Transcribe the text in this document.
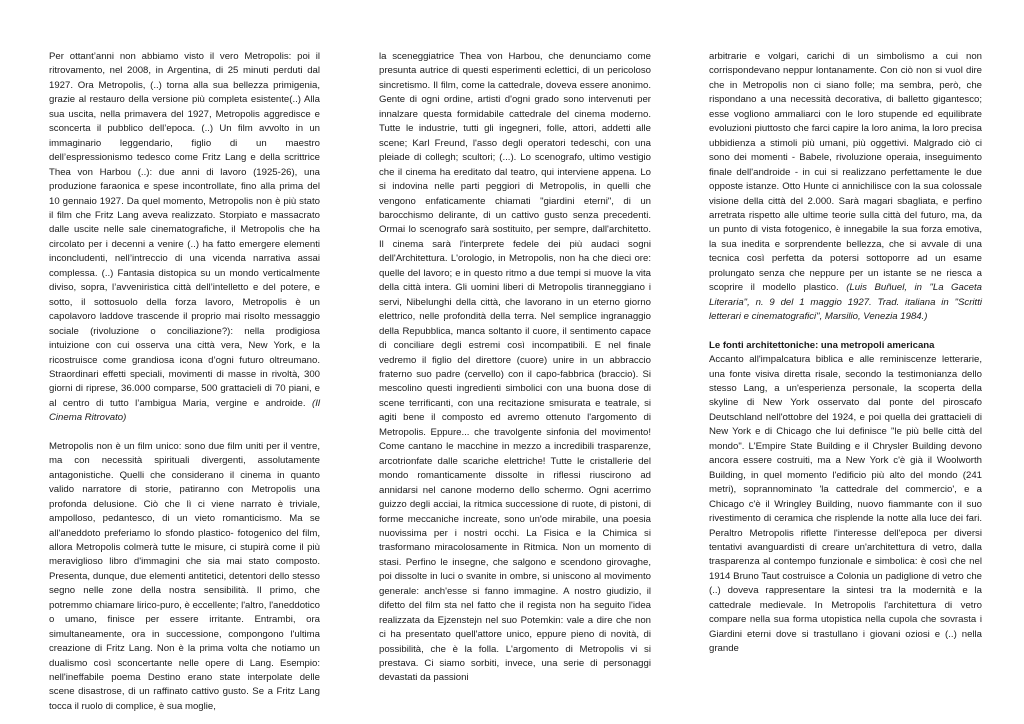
Per ottant’anni non abbiamo visto il vero Metropolis: poi il ritrovamento, nel 2008, in Argentina, di 25 minuti perduti dal 1927. Ora Metropolis, (..) torna alla sua bellezza primigenia, grazie al restauro della versione più completa esistente(..) Alla sua uscita, nella primavera del 1927, Metropolis aggredisce e sconcerta il pubblico dell’epoca. (..) Un film avvolto in un immaginario leggendario, figlio di un maestro dell’espressionismo tedesco come Fritz Lang e della scrittrice Thea von Harbou (..): due anni di lavoro (1925-26), una produzione faraonica e spese incontrollate, fino alla prima del 10 gennaio 1927. Da quel momento, Metropolis non è più stato il film che Fritz Lang aveva realizzato. Storpiato e massacrato dalle uscite nelle sale cinematografiche, il Metropolis che ha circolato per i decenni a venire (..) ha fatto emergere elementi inconcludenti, nell’intreccio di una vicenda narrativa assai complessa. (..) Fantasia distopica su un mondo verticalmente diviso, sopra, l’avveniristica città dell’intelletto e del potere, e sotto, il sottosuolo della forza lavoro, Metropolis è un capolavoro laddove trascende il proprio mai risolto messaggio sociale (rivoluzione o conciliazione?): nella prodigiosa intuizione con cui osserva una città vera, New York, e la ricostruisce come grandiosa icona d’ogni futuro oltreumano. Straordinari effetti speciali, movimenti di masse in rivoltà, 300 giorni di riprese, 36.000 comparse, 500 grattacieli di 70 piani, e al centro di tutto l’ambigua Maria, vergine e androide. (Il Cinema Ritrovato)

Metropolis non è un film unico: sono due film uniti per il ventre, ma con necessità spirituali divergenti, assolutamente antagonistiche. Quelli che considerano il cinema in quanto valido narratore di storie, patiranno con Metropolis una profonda delusione. Ciò che lì ci viene narrato è triviale, ampolloso, pedantesco, di un vieto romanticismo. Ma se all'aneddoto preferiamo lo sfondo plastico- fotogenico del film, allora Metropolis colmerà tutte le misure, ci stupirà come il più meraviglioso libro d'immagini che sia mai stato composto. Presenta, dunque, due elementi antitetici, detentori dello stesso segno nelle zone della nostra sensibilità. Il primo, che potremmo chiamare lirico-puro, è eccellente; l'altro, l'aneddotico o umano, finisce per essere irritante. Entrambi, ora simultaneamente, ora in successione, compongono l'ultima creazione di Fritz Lang. Non è la prima volta che notiamo un dualismo così sconcertante nelle opere di Lang. Esempio: nell'ineffabile poema Destino erano state interpolate delle scene disastrose, di un raffinato cattivo gusto. Se a Fritz Lang tocca il ruolo di complice, è sua moglie,

la sceneggiatrice Thea von Harbou, che denunciamo come presunta autrice di questi esperimenti eclettici, di un pericoloso sincretismo. Il film, come la cattedrale, doveva essere anonimo. Gente di ogni ordine, artisti d'ogni grado sono intervenuti per innalzare questa formidabile cattedrale del cinema moderno. Tutte le industrie, tutti gli ingegneri, folle, attori, addetti alle scene; Karl Freund, l'asso degli operatori tedeschi, con una pleiade di collegh; scultori; (...). Lo scenografo, ultimo vestigio che il cinema ha ereditato dal teatro, qui interviene appena. Lo si indovina nelle parti peggiori di Metropolis, in quelli che vengono enfaticamente chiamati "giardini eterni", di un barocchismo delirante, di un cattivo gusto senza precedenti. Ormai lo scenografo sarà sostituito, per sempre, dall'architetto. Il cinema sarà l'interprete fedele dei più audaci sogni dell'Architettura. L'orologio, in Metropolis, non ha che dieci ore: quelle del lavoro; e in questo ritmo a due tempi si muove la vita della città intera. Gli uomini liberi di Metropolis tiranneggiano i servi, Nibelunghi della città, che lavorano in un eterno giorno elettrico, nelle profondità della terra. Nel semplice ingranaggio della Repubblica, manca soltanto il cuore, il sentimento capace di conciliare degli estremi così incompatibili. E nel finale vedremo il figlio del direttore (cuore) unire in un abbraccio fraterno suo padre (cervello) con il capo-fabbrica (braccio). Si mescolino questi ingredienti simbolici con una buona dose di scene terrificanti, con una recitazione smisurata e teatrale, si agiti bene il composto ed avremo ottenuto l'argomento di Metropolis. Eppure... che travolgente sinfonia del movimento! Come cantano le macchine in mezzo a incredibili trasparenze, arcotrionfate dalle scariche elettriche! Tutte le cristallerie del mondo romanticamente dissolte in riflessi riuscirono ad annidarsi nel canone moderno dello schermo. Ogni acerrimo guizzo degli acciai, la ritmica successione di ruote, di pistoni, di forme meccaniche increate, sono un'ode mirabile, una poesia nuovissima per i nostri occhi. La Fisica e la Chimica si trasformano miracolosamente in Ritmica. Non un momento di stasi. Perfino le insegne, che salgono e scendono girovaghe, poi dissolte in luci o svanite in ombre, si uniscono al movimento generale: anch'esse si fanno immagine. A nostro giudizio, il difetto del film sta nel fatto che il regista non ha seguito l'idea realizzata da Ejzenstejn nel suo Potemkin: vale a dire che non ci ha presentato quell'attore unico, eppure pieno di novità, di possibilità, che è la folla. L'argomento di Metropolis vi si prestava. Ci siamo sorbiti, invece, una serie di personaggi devastati da passioni

arbitrarie e volgari, carichi di un simbolismo a cui non corrispondevano neppur lontanamente. Con ciò non si vuol dire che in Metropolis non ci siano folle; ma sembra, però, che rispondano a una necessità decorativa, di balletto gigantesco; esse vogliono ammaliarci con le loro stupende ed equilibrate evoluzioni piuttosto che farci capire la loro anima, la loro precisa ubbidienza a stimoli più umani, più oggettivi. Malgrado ciò ci sono dei momenti - Babele, rivoluzione operaia, inseguimento finale dell'androide - in cui si realizzano perfettamente le due opposte istanze. Otto Hunte ci annichilisce con la sua colossale visione della città del 2.000. Sarà magari sbagliata, e perfino arretrata rispetto alle ultime teorie sulla città del futuro, ma, da un punto di vista fotogenico, è innegabile la sua forza emotiva, la sua inedita e sorprendente bellezza, che si avvale di una tecnica così perfetta da potersi sottoporre ad un esame prolungato senza che neppure per un istante se ne riesca a scoprire il modello plastico. (Luis Buñuel, in "La Gaceta Literaria", n. 9 del 1 maggio 1927. Trad. italiana in "Scritti letterari e cinematografici", Marsilio, Venezia 1984.)

Le fonti architettoniche: una metropoli americana

Accanto all'impalcatura biblica e alle reminiscenze letterarie, una fonte visiva diretta risale, secondo la testimonianza dello stesso Lang, a un'esperienza personale, la scoperta della skyline di New York osservato dal ponte del piroscafo Deutschland nell'ottobre del 1924, e poi quella dei grattacieli di New York e di Chicago che lui definisce "le più belle città del mondo". L'Empire State Building e il Chrysler Building devono ancora essere costruiti, ma a New York c'è già il Woolworth Building, in quel momento l'edificio più alto del mondo (241 metri), soprannominato 'la cattedrale del commercio', e a Chicago c'è il Wringley Building, nuovo fiammante con il suo rivestimento di ceramica che risplende la notte alla luce dei fari. Peraltro Metropolis riflette l'interesse dell'epoca per diversi tentativi avanguardisti di creare un'architettura di vetro, dalla trasparenza al contempo funzionale e simbolica: è così che nel 1914 Bruno Taut costruisce a Colonia un padiglione di vetro che (..) doveva rappresentare la sintesi tra la modernità e la cattedrale medievale. In Metropolis l'architettura di vetro compare nella sua forma utopistica nella cupola che sovrasta i Giardini eterni dove si trastullano i giovani oziosi e (..) nella grande
